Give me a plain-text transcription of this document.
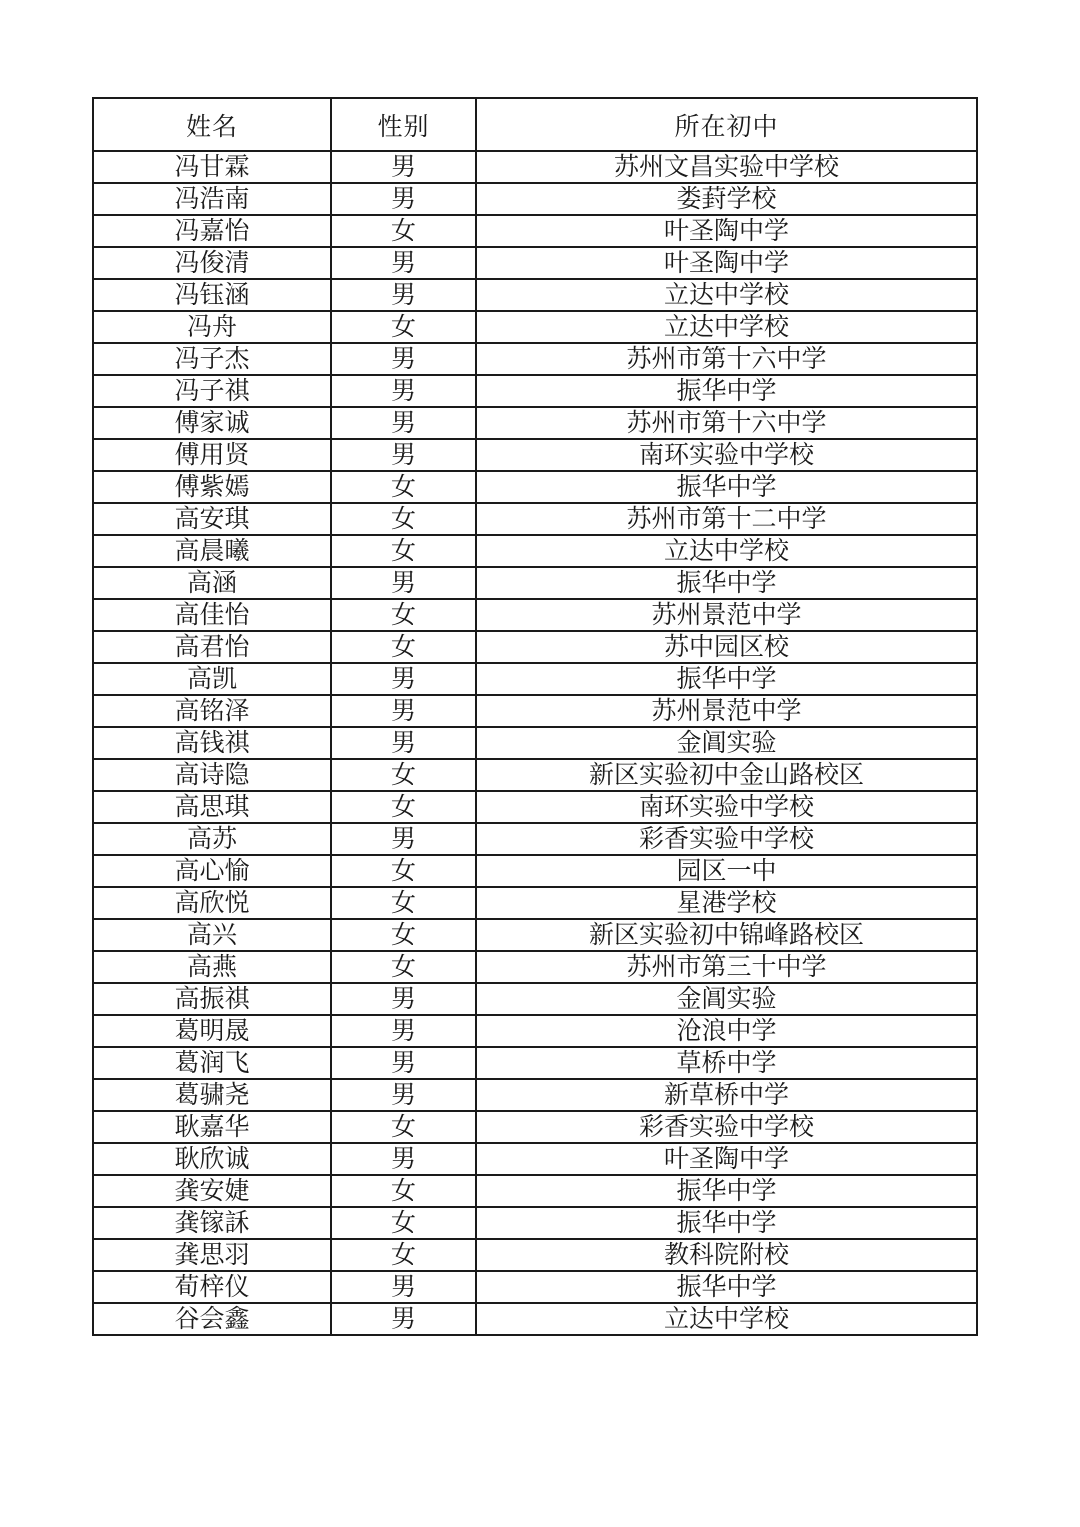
姓名	性别	所在初中
冯甘霖	男	苏州文昌实验中学校
冯浩南	男	娄葑学校
冯嘉怡	女	叶圣陶中学
冯俊清	男	叶圣陶中学
冯钰涵	男	立达中学校
冯舟	女	立达中学校
冯子杰	男	苏州市第十六中学
冯子祺	男	振华中学
傅家诚	男	苏州市第十六中学
傅用贤	男	南环实验中学校
傅紫嫣	女	振华中学
高安琪	女	苏州市第十二中学
高晨曦	女	立达中学校
高涵	男	振华中学
高佳怡	女	苏州景范中学
高君怡	女	苏中园区校
高凯	男	振华中学
高铭泽	男	苏州景范中学
高钱祺	男	金阊实验
高诗隐	女	新区实验初中金山路校区
高思琪	女	南环实验中学校
高苏	男	彩香实验中学校
高心愉	女	园区一中
高欣悦	女	星港学校
高兴	女	新区实验初中锦峰路校区
高燕	女	苏州市第三十中学
高振祺	男	金阊实验
葛明晟	男	沧浪中学
葛润飞	男	草桥中学
葛骕尧	男	新草桥中学
耿嘉华	女	彩香实验中学校
耿欣诚	男	叶圣陶中学
龚安婕	女	振华中学
龚镓訸	女	振华中学
龚思羽	女	教科院附校
荀梓仪	男	振华中学
谷会鑫	男	立达中学校
